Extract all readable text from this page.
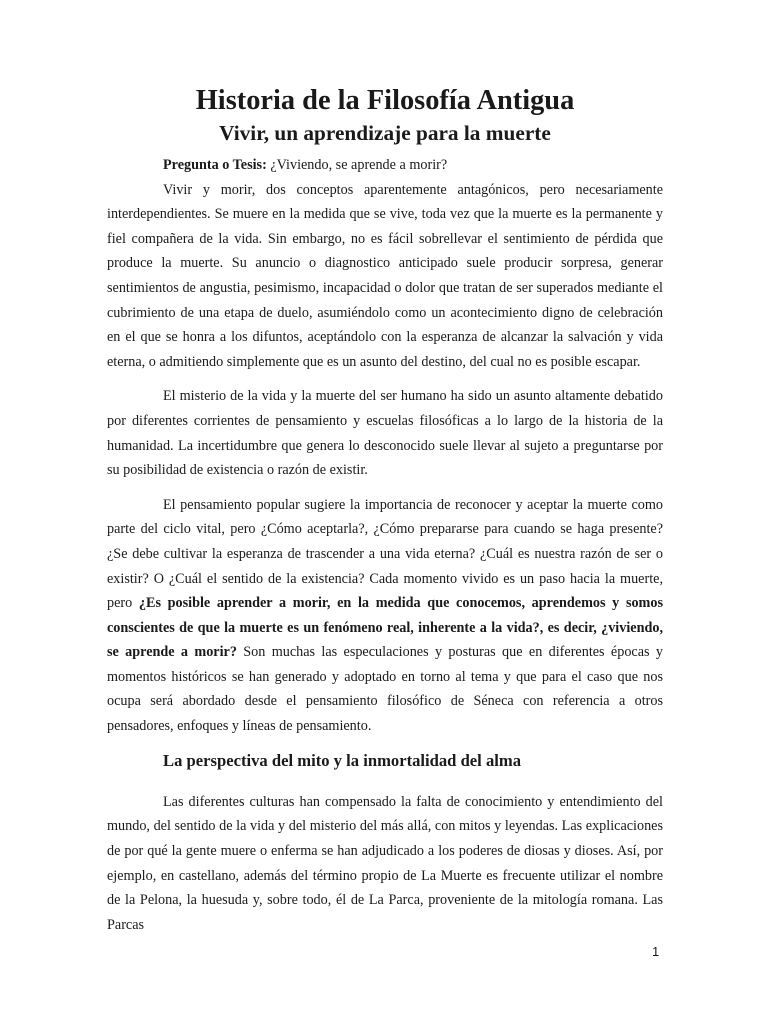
Historia de la Filosofía Antigua
Vivir, un aprendizaje para la muerte

Pregunta o Tesis: ¿Viviendo, se aprende a morir?

Vivir y morir, dos conceptos aparentemente antagónicos, pero necesariamente interdependientes. Se muere en la medida que se vive, toda vez que la muerte es la permanente y fiel compañera de la vida. Sin embargo, no es fácil sobrellevar el sentimiento de pérdida que produce la muerte. Su anuncio o diagnostico anticipado suele producir sorpresa, generar sentimientos de angustia, pesimismo, incapacidad o dolor que tratan de ser superados mediante el cubrimiento de una etapa de duelo, asumiéndolo como un acontecimiento digno de celebración en el que se honra a los difuntos, aceptándolo con la esperanza de alcanzar la salvación y vida eterna, o admitiendo simplemente que es un asunto del destino, del cual no es posible escapar.

El misterio de la vida y la muerte del ser humano ha sido un asunto altamente debatido por diferentes corrientes de pensamiento y escuelas filosóficas a lo largo de la historia de la humanidad. La incertidumbre que genera lo desconocido suele llevar al sujeto a preguntarse por su posibilidad de existencia o razón de existir.

El pensamiento popular sugiere la importancia de reconocer y aceptar la muerte como parte del ciclo vital, pero ¿Cómo aceptarla?, ¿Cómo prepararse para cuando se haga presente? ¿Se debe cultivar la esperanza de trascender a una vida eterna? ¿Cuál es nuestra razón de ser o existir? O ¿Cuál el sentido de la existencia? Cada momento vivido es un paso hacia la muerte, pero ¿Es posible aprender a morir, en la medida que conocemos, aprendemos y somos conscientes de que la muerte es un fenómeno real, inherente a la vida?, es decir, ¿viviendo, se aprende a morir? Son muchas las especulaciones y posturas que en diferentes épocas y momentos históricos se han generado y adoptado en torno al tema y que para el caso que nos ocupa será abordado desde el pensamiento filosófico de Séneca con referencia a otros pensadores, enfoques y líneas de pensamiento.

La perspectiva del mito y la inmortalidad del alma

Las diferentes culturas han compensado la falta de conocimiento y entendimiento del mundo, del sentido de la vida y del misterio del más allá, con mitos y leyendas. Las explicaciones de por qué la gente muere o enferma se han adjudicado a los poderes de diosas y dioses. Así, por ejemplo, en castellano, además del término propio de La Muerte es frecuente utilizar el nombre de la Pelona, la huesuda y, sobre todo, él de La Parca, proveniente de la mitología romana. Las Parcas

1
